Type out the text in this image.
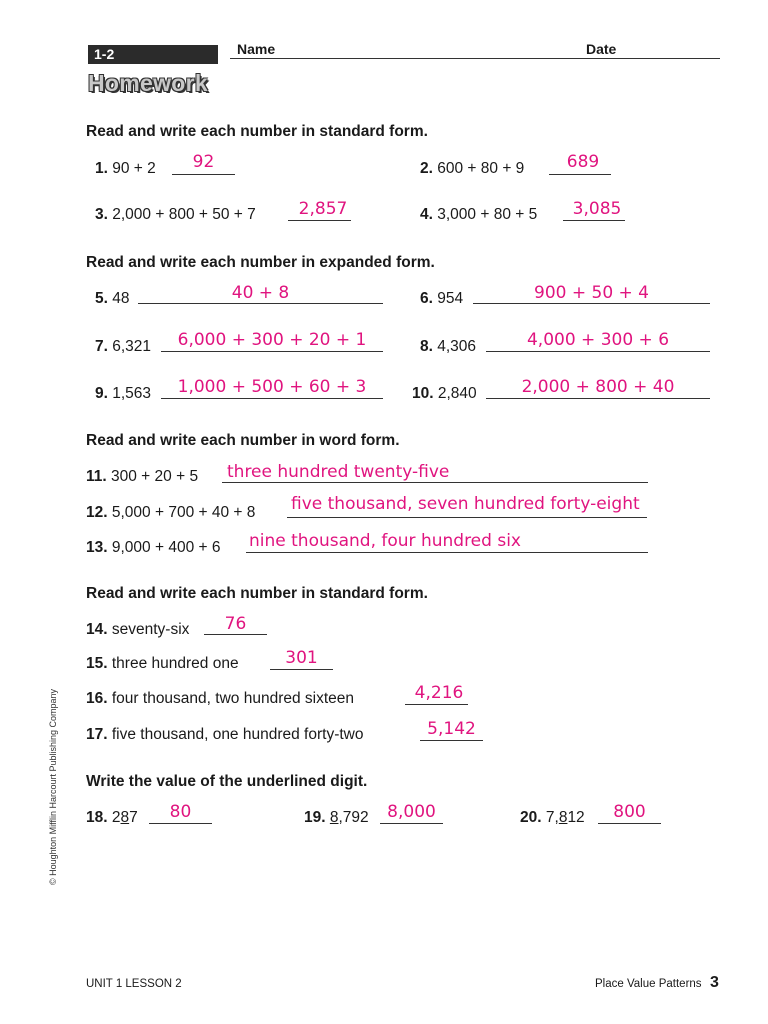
1-2
Homework
Name	Date
Read and write each number in standard form.
1. 90 + 2	92	2. 600 + 80 + 9	689
3. 2,000 + 800 + 50 + 7	2,857	4. 3,000 + 80 + 5	3,085
Read and write each number in expanded form.
5. 48	40 + 8	6. 954	900 + 50 + 4
7. 6,321	6,000 + 300 + 20 + 1	8. 4,306	4,000 + 300 + 6
9. 1,563	1,000 + 500 + 60 + 3	10. 2,840	2,000 + 800 + 40
Read and write each number in word form.
11. 300 + 20 + 5 three hundred twenty-five
12. 5,000 + 700 + 40 + 8 five thousand, seven hundred forty-eight
13. 9,000 + 400 + 6 nine thousand, four hundred six
Read and write each number in standard form.
14. seventy-six	76
15. three hundred one	301
16. four thousand, two hundred sixteen	4,216
17. five thousand, one hundred forty-two	5,142
Write the value of the underlined digit.
18. 287	80	19. 8,792	8,000	20. 7,812	800
© Houghton Mifflin Harcourt Publishing Company
UNIT 1 LESSON 2	Place Value Patterns 3
